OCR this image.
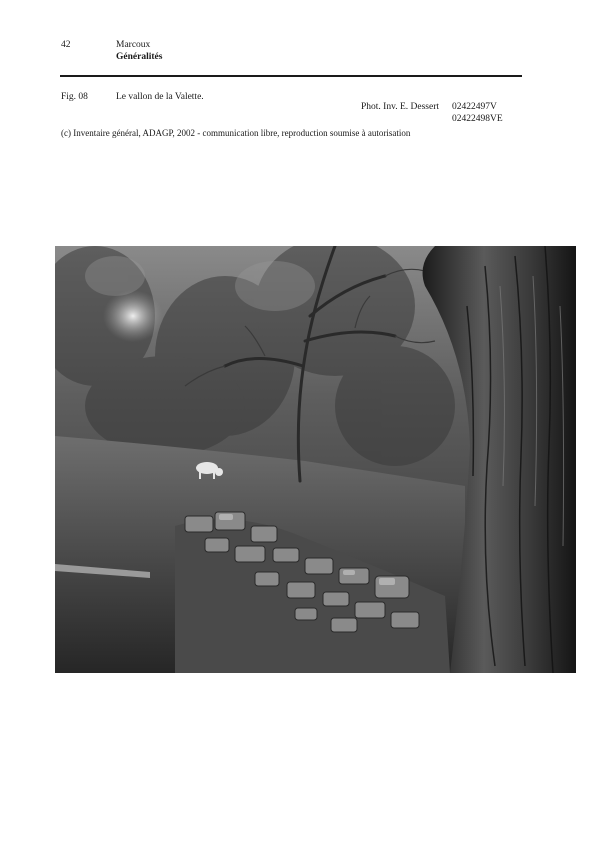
42	Marcoux
Généralités
Fig. 08	Le vallon de la Valette.
Phot. Inv. E. Dessert 02422497V
02422498VE
(c) Inventaire général, ADAGP, 2002 - communication libre, reproduction soumise à autorisation
